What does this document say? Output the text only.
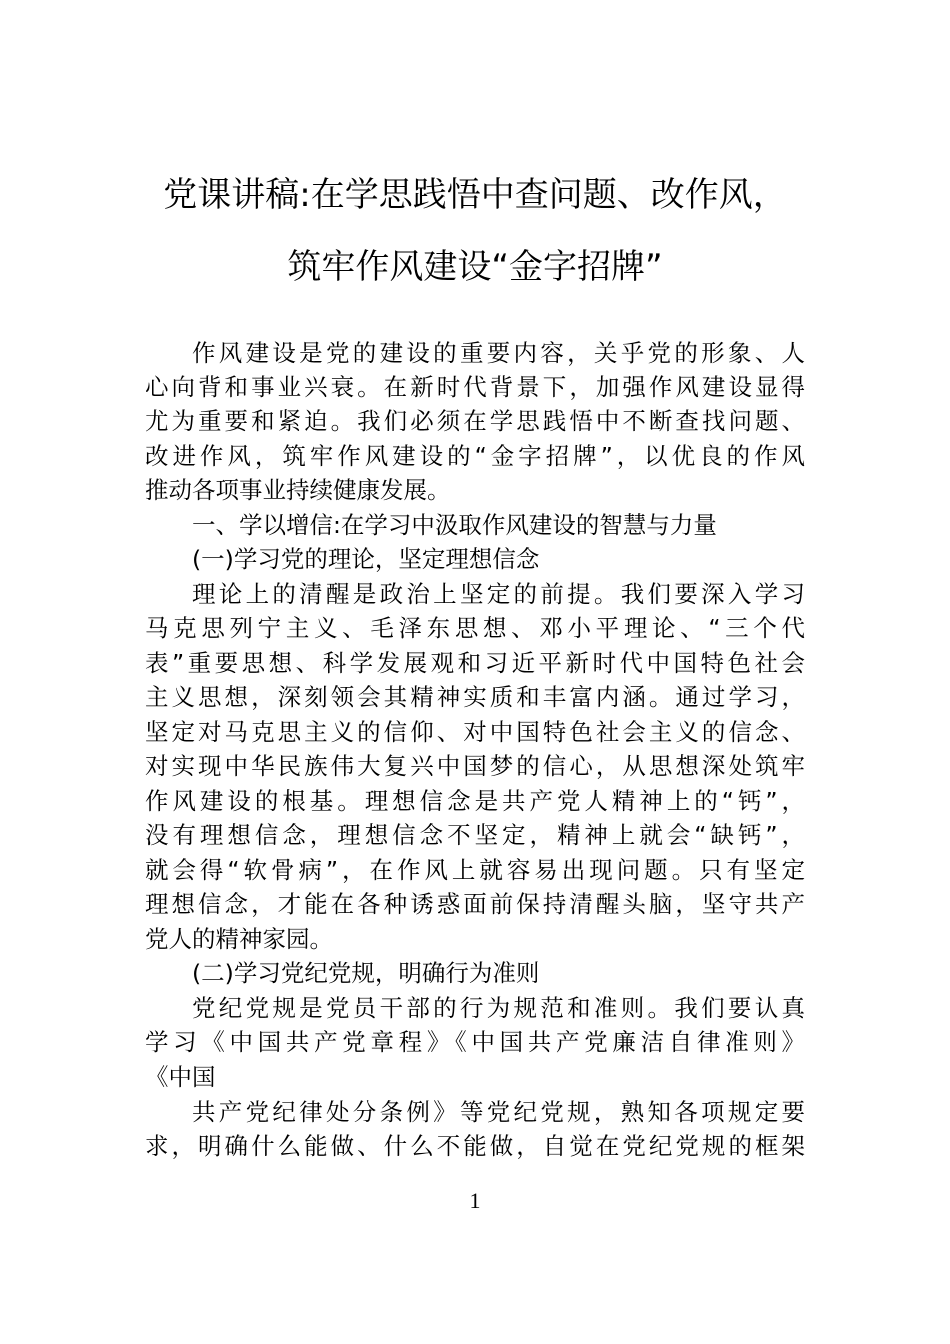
党课讲稿:在学思践悟中查问题、改作风，
筑牢作风建设“金字招牌”
作风建设是党的建设的重要内容，关乎党的形象、人
心向背和事业兴衰。在新时代背景下，加强作风建设显得
尤为重要和紧迫。我们必须在学思践悟中不断查找问题、
改进作风，筑牢作风建设的“金字招牌”，以优良的作风
推动各项事业持续健康发展。
一、学以增信:在学习中汲取作风建设的智慧与力量
(一)学习党的理论，坚定理想信念
理论上的清醒是政治上坚定的前提。我们要深入学习
马克思列宁主义、毛泽东思想、邓小平理论、“三个代
表”重要思想、科学发展观和习近平新时代中国特色社会
主义思想，深刻领会其精神实质和丰富内涵。通过学习，
坚定对马克思主义的信仰、对中国特色社会主义的信念、
对实现中华民族伟大复兴中国梦的信心，从思想深处筑牢
作风建设的根基。理想信念是共产党人精神上的“钙”，
没有理想信念，理想信念不坚定，精神上就会“缺钙”，
就会得“软骨病”，在作风上就容易出现问题。只有坚定
理想信念，才能在各种诱惑面前保持清醒头脑，坚守共产
党人的精神家园。
(二)学习党纪党规，明确行为准则
党纪党规是党员干部的行为规范和准则。我们要认真
学习《中国共产党章程》《中国共产党廉洁自律准则》
《中国
共产党纪律处分条例》等党纪党规，熟知各项规定要
求，明确什么能做、什么不能做，自觉在党纪党规的框架
1
